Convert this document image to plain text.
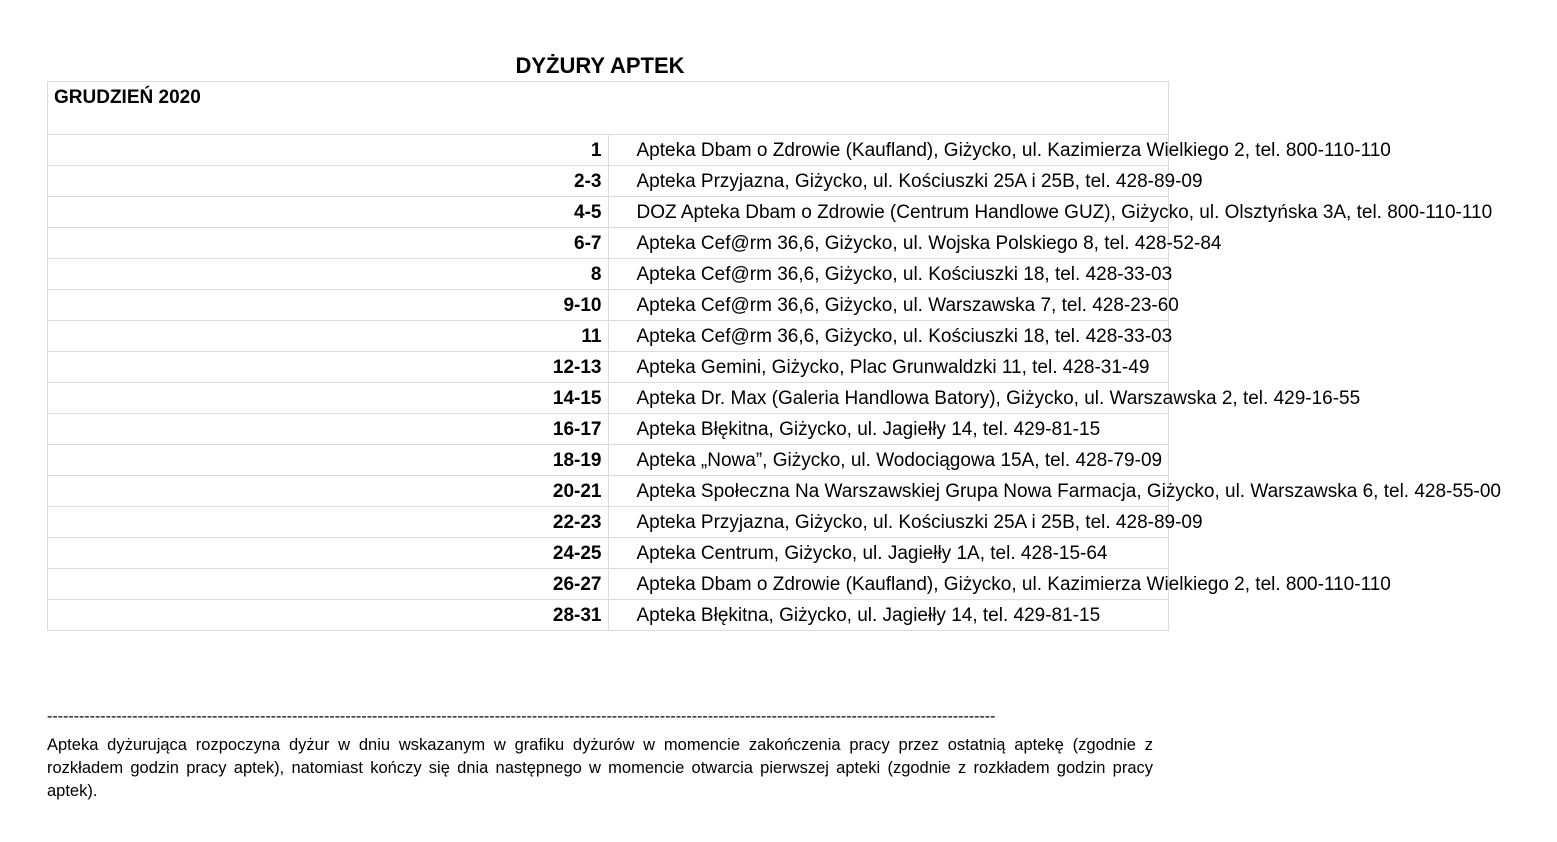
DYŻURY APTEK
GRUDZIEŃ 2020	
1	Apteka Dbam o Zdrowie (Kaufland), Giżycko, ul. Kazimierza Wielkiego 2, tel. 800-110-110

2-3	Apteka Przyjazna, Giżycko, ul. Kościuszki 25A i 25B, tel. 428-89-09

4-5	DOZ Apteka Dbam o Zdrowie (Centrum Handlowe GUZ), Giżycko, ul. Olsztyńska 3A, tel. 800-110-110

6-7	Apteka Cef@rm 36,6, Giżycko, ul. Wojska Polskiego 8, tel. 428-52-84

8	Apteka Cef@rm 36,6, Giżycko, ul. Kościuszki 18, tel. 428-33-03

9-10	Apteka Cef@rm 36,6, Giżycko, ul. Warszawska 7, tel. 428-23-60

11	Apteka Cef@rm 36,6, Giżycko, ul. Kościuszki 18, tel. 428-33-03

12-13	Apteka Gemini, Giżycko, Plac Grunwaldzki 11, tel. 428-31-49

14-15	Apteka Dr. Max (Galeria Handlowa Batory), Giżycko, ul. Warszawska 2, tel. 429-16-55

16-17	Apteka Błękitna, Giżycko, ul. Jagiełły 14, tel. 429-81-15

18-19	Apteka „Nowa”, Giżycko, ul. Wodociągowa 15A, tel. 428-79-09

20-21	Apteka Społeczna Na Warszawskiej Grupa Nowa Farmacja, Giżycko, ul. Warszawska 6, tel. 428-55-00

22-23	Apteka Przyjazna, Giżycko, ul. Kościuszki 25A i 25B, tel. 428-89-09

24-25	Apteka Centrum, Giżycko, ul. Jagiełły 1A, tel. 428-15-64

26-27	Apteka Dbam o Zdrowie (Kaufland), Giżycko, ul. Kazimierza Wielkiego 2, tel. 800-110-110

28-31	Apteka Błękitna, Giżycko, ul. Jagiełły 14, tel. 429-81-15
----------------------------------------------------------------------------------------------------------------------------------------------------------------------------------
Apteka dyżurująca rozpoczyna dyżur w dniu wskazanym w grafiku dyżurów w momencie zakończenia pracy przez ostatnią aptekę (zgodnie z rozkładem godzin pracy aptek), natomiast kończy się dnia następnego w momencie otwarcia pierwszej apteki (zgodnie z rozkładem godzin pracy aptek).
